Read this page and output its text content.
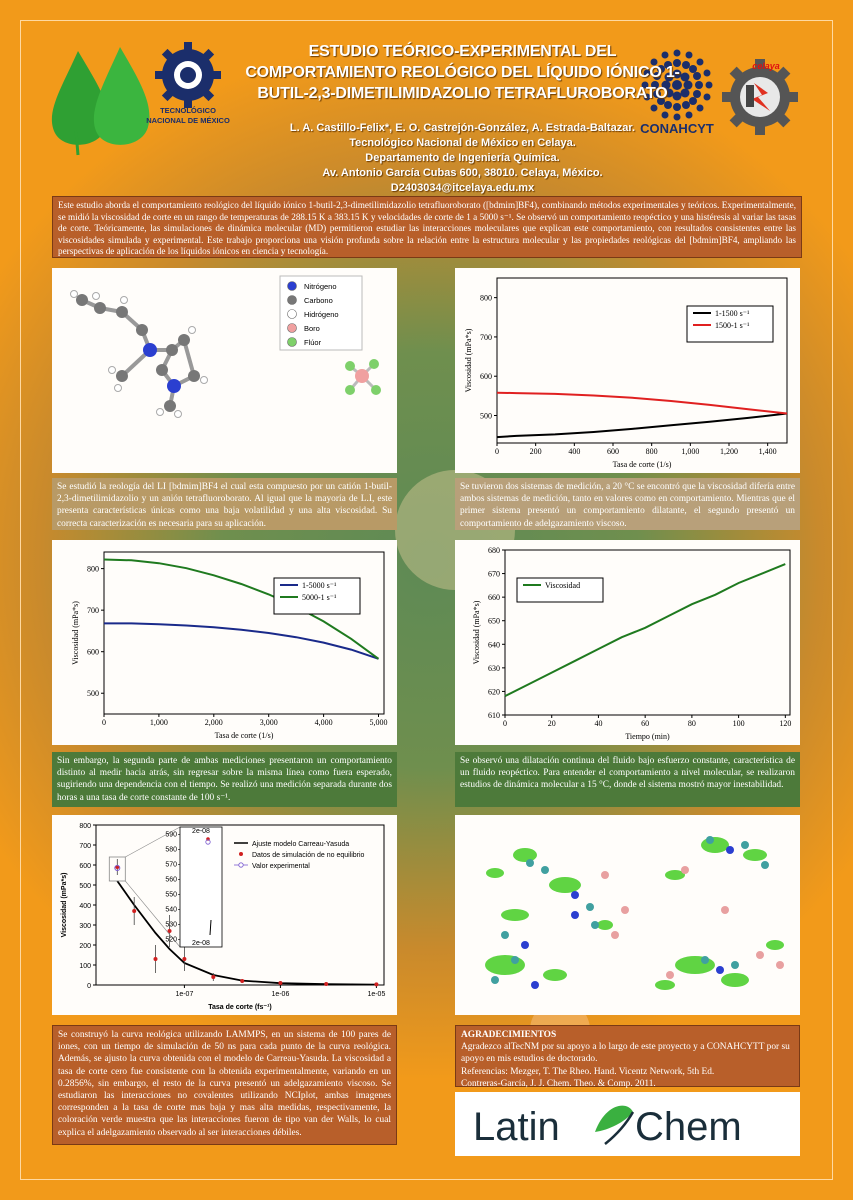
TECNOLÓGICO
NACIONAL DE MÉXICO
CONAHCYT
celaya
ESTUDIO TEÓRICO-EXPERIMENTAL DEL COMPORTAMIENTO REOLÓGICO DEL LÍQUIDO IÓNICO 1-BUTIL-2,3-DIMETILIMIDAZOLIO TETRAFLUROBORATO
L. A. Castillo-Felix*, E. O. Castrejón-González, A. Estrada-Baltazar.
Tecnológico Nacional de México en Celaya.
Departamento de Ingeniería Química.
Av. Antonio García Cubas 600, 38010. Celaya, México.
D2403034@itcelaya.edu.mx
Este estudio aborda el comportamiento reológico del líquido iónico 1-butil-2,3-dimetilimidazolio tetrafluoroborato ([bdmim]BF4), combinando métodos experimentales y teóricos. Experimentalmente, se midió la viscosidad de corte en un rango de temperaturas de 288.15 K a 383.15 K y velocidades de corte de 1 a 5000 s⁻¹. Se observó un comportamiento reopéctico y una histéresis al variar las tasas de corte. Teóricamente, las simulaciones de dinámica molecular (MD) permitieron estudiar las interacciones moleculares que explican este comportamiento, con resultados consistentes entre las viscosidades simulada y experimental. Este trabajo proporciona una visión profunda sobre la relación entre la estructura molecular y las propiedades reológicas del [bdmim]BF4, ampliando las perspectivas de aplicación de los líquidos iónicos en ciencia y tecnología.
Nitrógeno
Carbono
Hidrógeno
Boro
Flúor
0	200	400	600	800	1,000	1,200	1,400
500
600
700
800
Tasa de corte (1/s)
Viscosidad (mPa*s)
1-1500 s⁻¹
1500-1 s⁻¹
Se estudió la reología del LI [bdmim]BF4 el cual esta compuesto por un catión 1-butil-2,3-dimetilimidazolio y un anión tetrafluoroborato. Al igual que la mayoría de L.I, este presenta características únicas como una baja volatilidad y una alta viscosidad. Su correcta caracterización es necesaria para su aplicación.
Se tuvieron dos sistemas de medición, a 20 °C se encontró que la viscosidad difería entre ambos sistemas de medición, tanto en valores como en comportamiento. Mientras que el primer sistema presentó un comportamiento dilatante, el segundo presentó un comportamiento de adelgazamiento viscoso.
0	1,000	2,000	3,000	4,000	5,000
500
600
700
800
Tasa de corte (1/s)
Viscosidad (mPa*s)
1-5000 s⁻¹
5000-1 s⁻¹
0	20	40	60	80	100	120
610
620
630
640
650
660
670
680
Tiempo (min)
Viscosidad (mPa*s)
Viscosidad
Sin embargo, la segunda parte de ambas mediciones presentaron un comportamiento distinto al medir hacia atrás, sin regresar sobre la misma línea como fuera esperado, sugiriendo una dependencia con el tiempo. Se realizó una medición separada durante dos horas a una tasa de corte constante de 100 s⁻¹.
Se observó una dilatación continua del fluido bajo esfuerzo constante, característica de un fluido reopéctico. Para entender el comportamiento a nivel molecular, se realizaron estudios de dinámica molecular a 15 °C, donde el sistema mostró mayor inestabilidad.
1e-07	1e-06	1e-05
0
100
200
300
400
500
600
700
800
Tasa de corte (fs⁻¹)
Viscosidad (mPa*s)
520
530
540
550
560
570
580
590 2e-08
2e-08
Ajuste modelo Carreau-Yasuda
Datos de simulación de no equilibrio
Valor experimental
Se construyó la curva reológica utilizando LAMMPS, en un sistema de 100 pares de iones, con un tiempo de simulación de 50 ns para cada punto de la curva reológica. Además, se ajusto la curva obtenida con el modelo de Carreau-Yasuda. La viscosidad a tasa de corte cero fue consistente con la obtenida experimentalmente, variando en un 0.2856%, sin embargo, el resto de la curva presentó un adelgazamiento viscoso. Se estudiaron las interacciones no covalentes utilizando NCIplot, ambas imagenes corresponden a la tasa de corte mas baja y mas alta medidas, respectivamente, la coloración verde muestra que las interacciones fueron de tipo van der Walls, lo cual explica el adelgazamiento observado al ser interacciones débiles.
AGRADECIMIENTOS
Agradezco alTecNM por su apoyo a lo largo de este proyecto y a CONAHCYTT por su apoyo en mis estudios de doctorado.
Referencias: Mezger, T. The Rheo. Hand. Vicentz Network, 5th Ed.
Contreras-García, J. J. Chem. Theo. & Comp. 2011.
Latin Chem
